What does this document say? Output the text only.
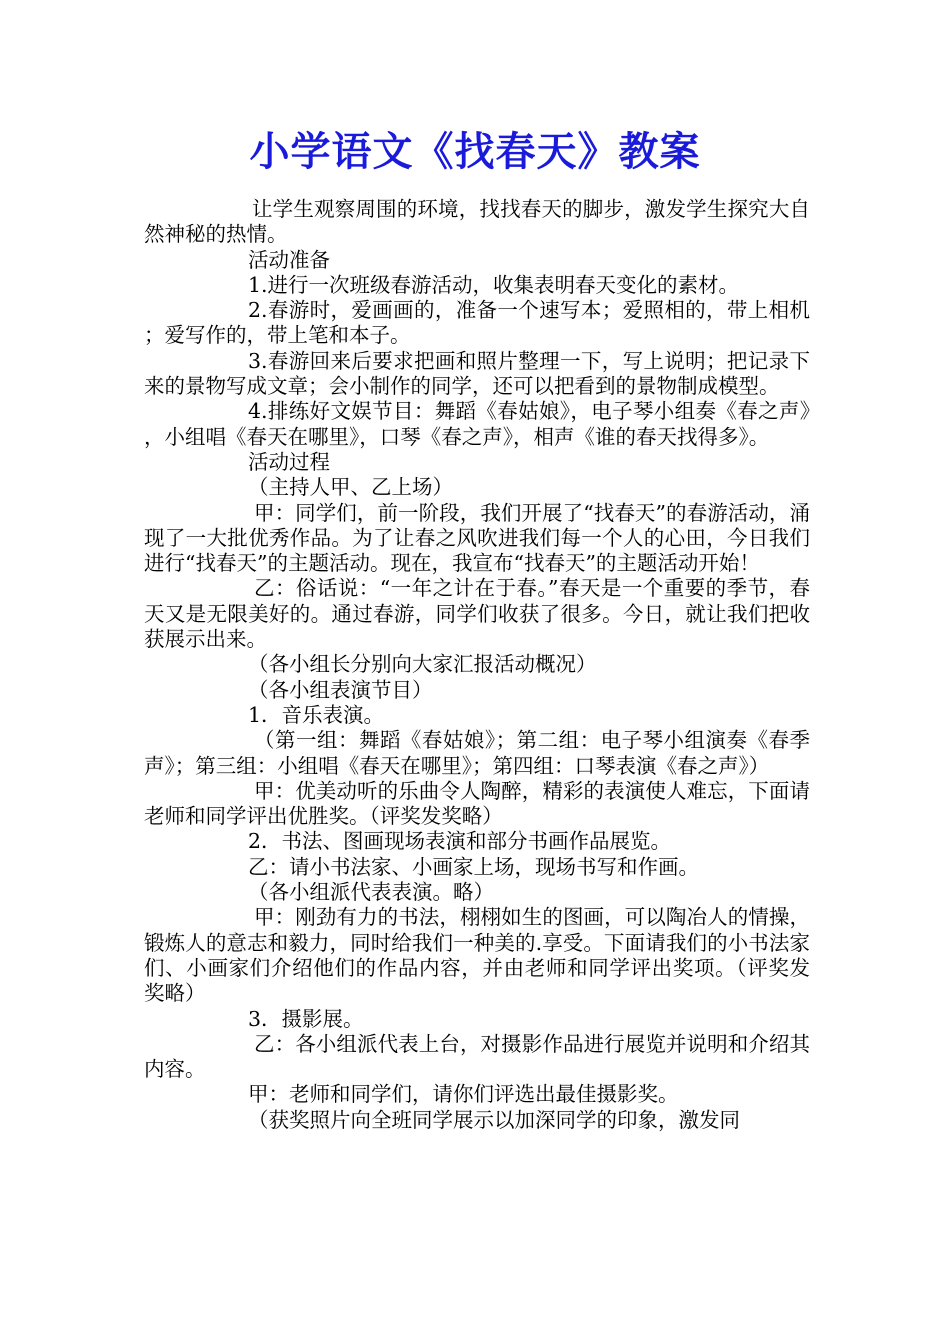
小学语文《找春天》教案

让学生观察周围的环境，找找春天的脚步，激发学生探究大自然神秘的热情。

活动准备

1.进行一次班级春游活动，收集表明春天变化的素材。

2.春游时，爱画画的，准备一个速写本；爱照相的，带上相机；爱写作的，带上笔和本子。

3.春游回来后要求把画和照片整理一下，写上说明；把记录下来的景物写成文章；会小制作的同学，还可以把看到的景物制成模型。

4.排练好文娱节目：舞蹈《春姑娘》，电子琴小组奏《春之声》，小组唱《春天在哪里》，口琴《春之声》，相声《谁的春天找得多》。

活动过程

（主持人甲、乙上场）

甲：同学们，前一阶段，我们开展了“找春天”的春游活动，涌现了一大批优秀作品。为了让春之风吹进我们每一个人的心田，今日我们进行“找春天”的主题活动。现在，我宣布“找春天”的主题活动开始！

乙：俗话说：“一年之计在于春。”春天是一个重要的季节，春天又是无限美好的。通过春游，同学们收获了很多。今日，就让我们把收获展示出来。

（各小组长分别向大家汇报活动概况）

（各小组表演节目）

1．音乐表演。

（第一组：舞蹈《春姑娘》；第二组：电子琴小组演奏《春季声》；第三组：小组唱《春天在哪里》；第四组：口琴表演《春之声》）

甲：优美动听的乐曲令人陶醉，精彩的表演使人难忘，下面请老师和同学评出优胜奖。（评奖发奖略）

2．书法、图画现场表演和部分书画作品展览。

乙：请小书法家、小画家上场，现场书写和作画。

（各小组派代表表演。略）

甲：刚劲有力的书法，栩栩如生的图画，可以陶冶人的情操，锻炼人的意志和毅力，同时给我们一种美的.享受。下面请我们的小书法家们、小画家们介绍他们的作品内容，并由老师和同学评出奖项。（评奖发奖略）

3．摄影展。

乙：各小组派代表上台，对摄影作品进行展览并说明和介绍其内容。

甲：老师和同学们，请你们评选出最佳摄影奖。

（获奖照片向全班同学展示以加深同学的印象，激发同
